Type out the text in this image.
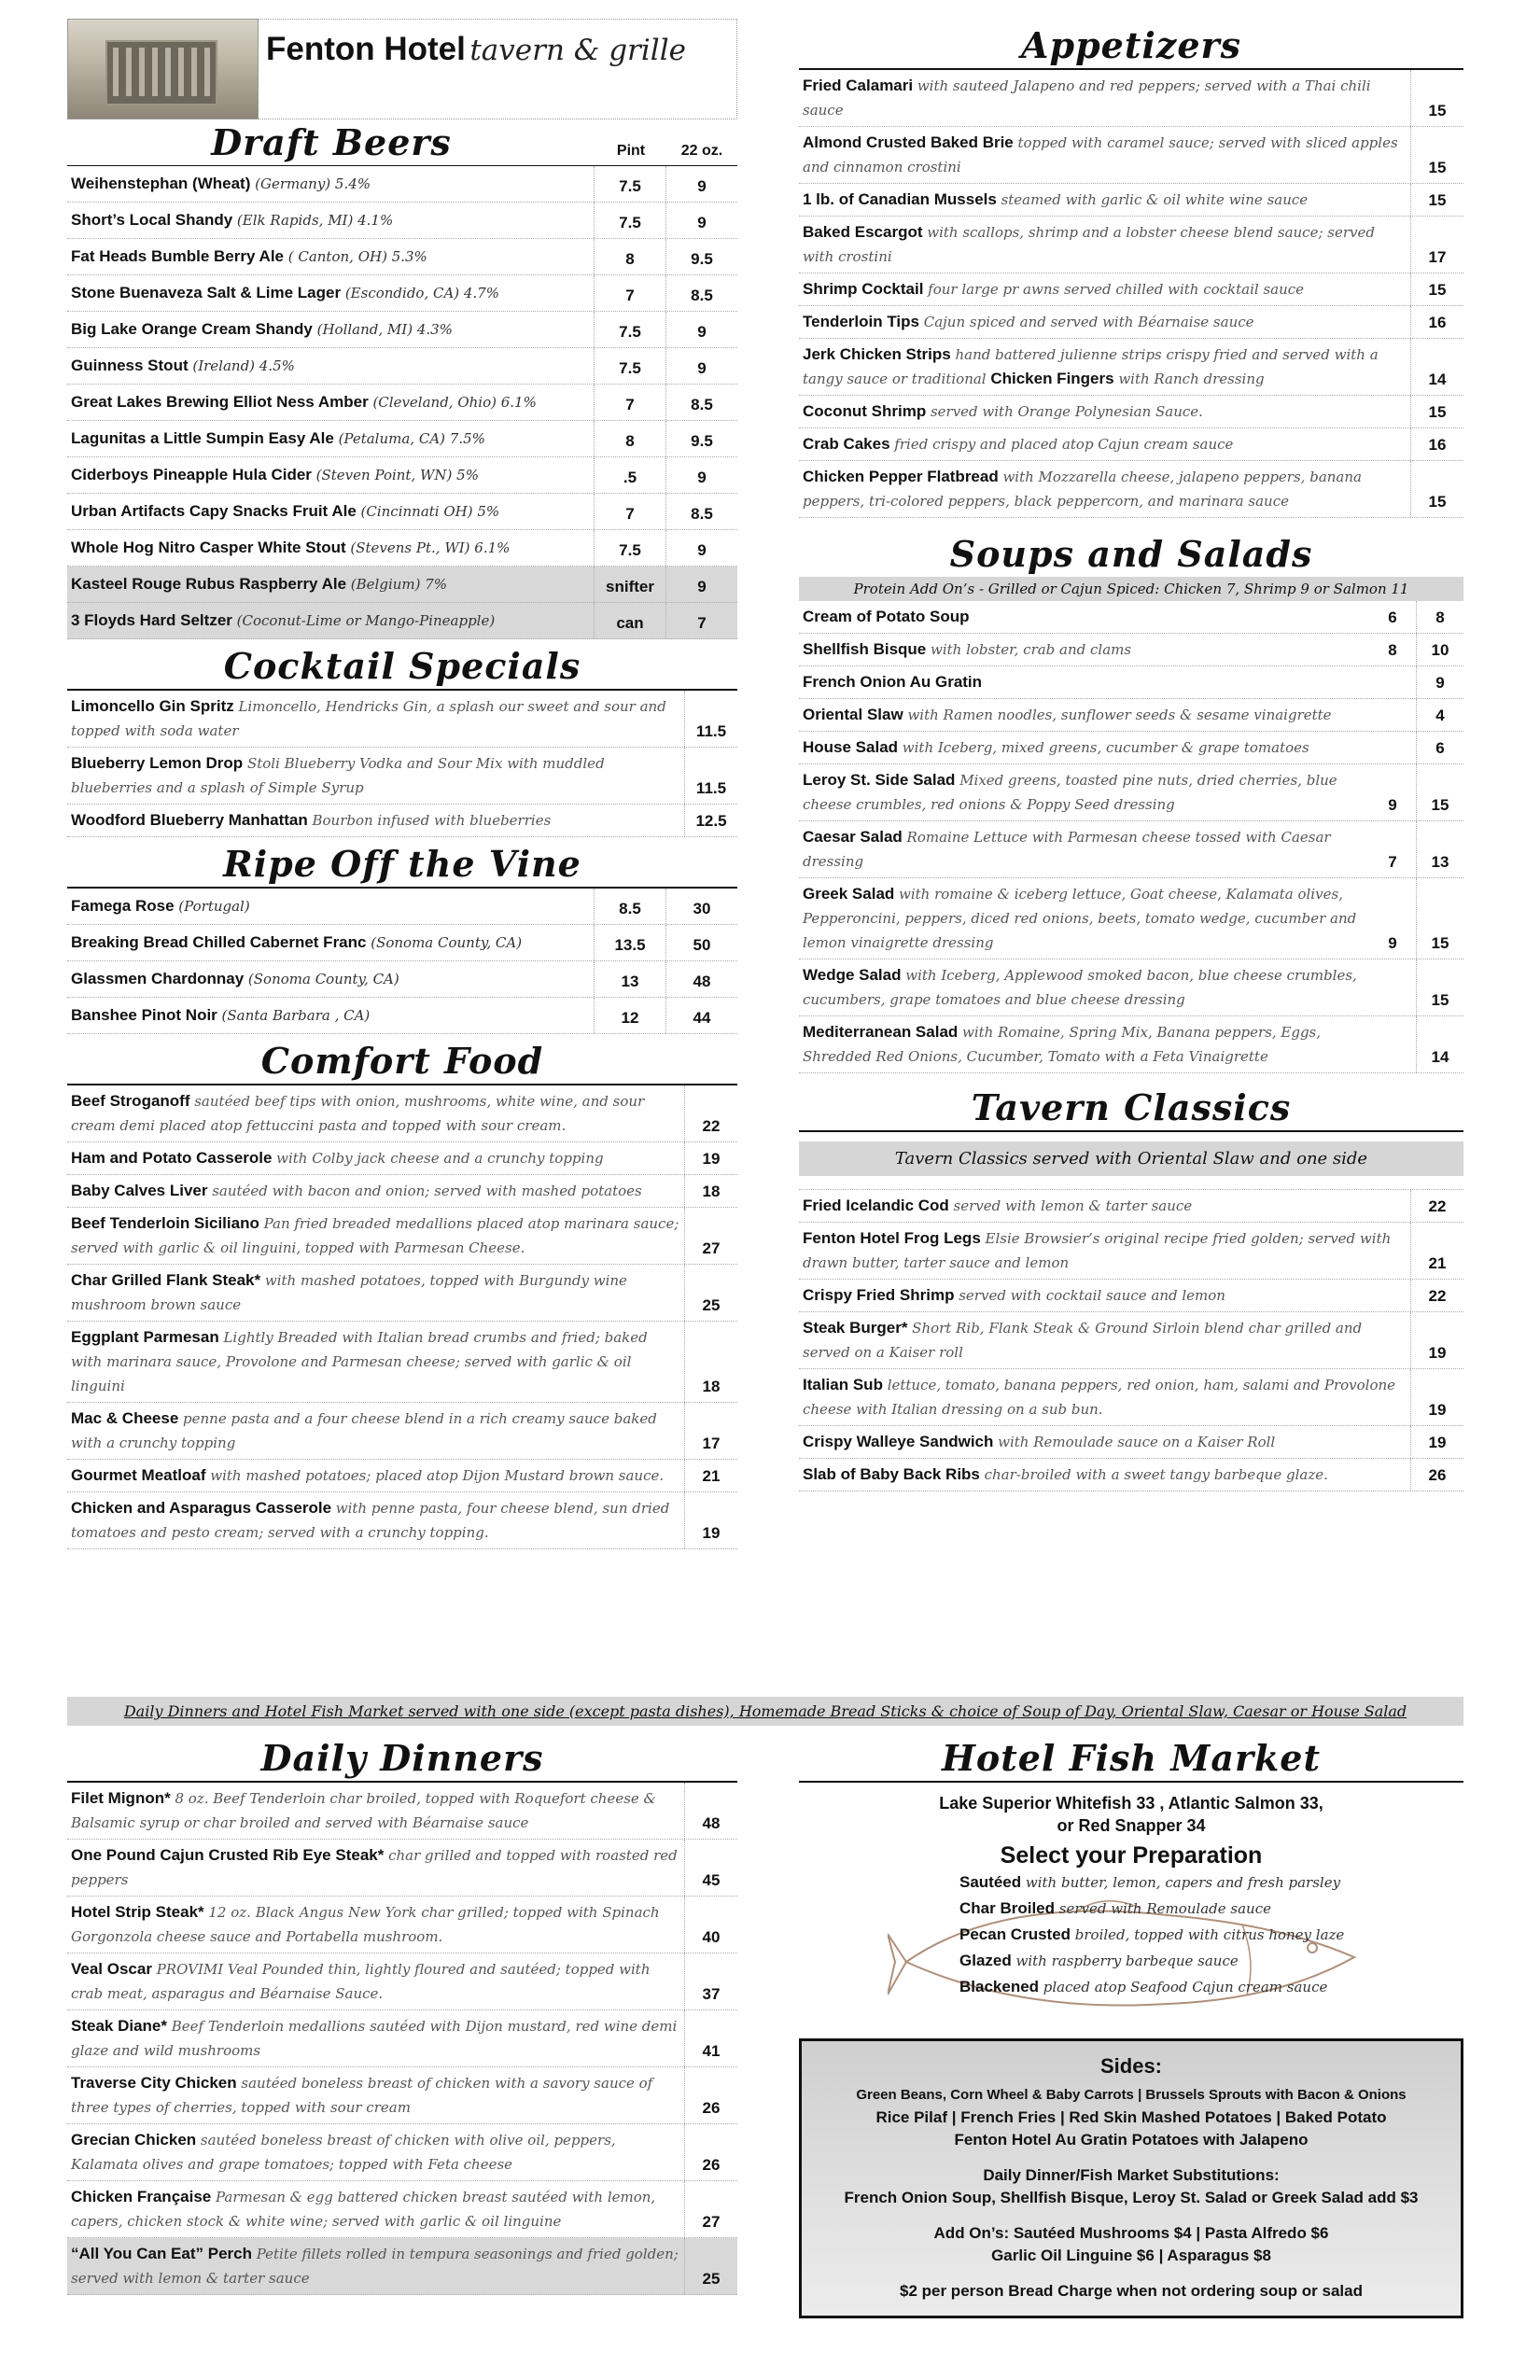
Fenton Hotel tavern & grille
Draft Beers	Pint	22 oz.
Weihenstephan (Wheat) (Germany) 5.4%	7.5	9
Short’s Local Shandy (Elk Rapids, MI) 4.1%	7.5	9
Fat Heads Bumble Berry Ale ( Canton, OH) 5.3%	8	9.5
Stone Buenaveza Salt & Lime Lager (Escondido, CA) 4.7%	7	8.5
Big Lake Orange Cream Shandy (Holland, MI) 4.3%	7.5	9
Guinness Stout (Ireland) 4.5%	7.5	9
Great Lakes Brewing Elliot Ness Amber (Cleveland, Ohio) 6.1%	7	8.5
Lagunitas a Little Sumpin Easy Ale (Petaluma, CA) 7.5%	8	9.5
Ciderboys Pineapple Hula Cider (Steven Point, WN) 5%	.5	9
Urban Artifacts Capy Snacks Fruit Ale (Cincinnati OH) 5%	7	8.5
Whole Hog Nitro Casper White Stout (Stevens Pt., WI) 6.1%	7.5	9
Kasteel Rouge Rubus Raspberry Ale (Belgium) 7%	snifter	9
3 Floyds Hard Seltzer (Coconut-Lime or Mango-Pineapple)	can	7
Cocktail Specials
Limoncello Gin Spritz Limoncello, Hendricks Gin, a splash our sweet and sour and topped with soda water	11.5
Blueberry Lemon Drop Stoli Blueberry Vodka and Sour Mix with muddled blueberries and a splash of Simple Syrup	11.5
Woodford Blueberry Manhattan Bourbon infused with blueberries	12.5
Ripe Off the Vine
Famega Rose (Portugal)	8.5	30
Breaking Bread Chilled Cabernet Franc (Sonoma County, CA)	13.5	50
Glassmen Chardonnay (Sonoma County, CA)	13	48
Banshee Pinot Noir (Santa Barbara , CA)	12	44
Comfort Food
Beef Stroganoff sautéed beef tips with onion, mushrooms, white wine, and sour cream demi placed atop fettuccini pasta and topped with sour cream.	22
Ham and Potato Casserole with Colby jack cheese and a crunchy topping	19
Baby Calves Liver sautéed with bacon and onion; served with mashed potatoes	18
Beef Tenderloin Siciliano Pan fried breaded medallions placed atop marinara sauce; served with garlic & oil linguini, topped with Parmesan Cheese.	27
Char Grilled Flank Steak* with mashed potatoes, topped with Burgundy wine mushroom brown sauce	25
Eggplant Parmesan Lightly Breaded with Italian bread crumbs and fried; baked with marinara sauce, Provolone and Parmesan cheese; served with garlic & oil linguini	18
Mac & Cheese penne pasta and a four cheese blend in a rich creamy sauce baked with a crunchy topping	17
Gourmet Meatloaf with mashed potatoes; placed atop Dijon Mustard brown sauce.	21
Chicken and Asparagus Casserole with penne pasta, four cheese blend, sun dried tomatoes and pesto cream; served with a crunchy topping.	19
Appetizers
Fried Calamari with sauteed Jalapeno and red peppers; served with a Thai chili sauce	15
Almond Crusted Baked Brie topped with caramel sauce; served with sliced apples and cinnamon crostini	15
1 lb. of Canadian Mussels steamed with garlic & oil white wine sauce	15
Baked Escargot with scallops, shrimp and a lobster cheese blend sauce; served with crostini	17
Shrimp Cocktail four large pr awns served chilled with cocktail sauce	15
Tenderloin Tips Cajun spiced and served with Béarnaise sauce	16
Jerk Chicken Strips hand battered julienne strips crispy fried and served with a tangy sauce or traditional Chicken Fingers with Ranch dressing	14
Coconut Shrimp served with Orange Polynesian Sauce.	15
Crab Cakes fried crispy and placed atop Cajun cream sauce	16
Chicken Pepper Flatbread with Mozzarella cheese, jalapeno peppers, banana peppers, tri-colored peppers, black peppercorn, and marinara sauce	15
Soups and Salads
Protein Add On’s - Grilled or Cajun Spiced: Chicken 7, Shrimp 9 or Salmon 11
Cream of Potato Soup	6	8
Shellfish Bisque with lobster, crab and clams	8	10
French Onion Au Gratin	9
Oriental Slaw with Ramen noodles, sunflower seeds & sesame vinaigrette	4
House Salad with Iceberg, mixed greens, cucumber & grape tomatoes	6
Leroy St. Side Salad Mixed greens, toasted pine nuts, dried cherries, blue cheese crumbles, red onions & Poppy Seed dressing	9	15
Caesar Salad Romaine Lettuce with Parmesan cheese tossed with Caesar dressing	7	13
Greek Salad with romaine & iceberg lettuce, Goat cheese, Kalamata olives, Pepperoncini, peppers, diced red onions, beets, tomato wedge, cucumber and lemon vinaigrette dressing	9	15
Wedge Salad with Iceberg, Applewood smoked bacon, blue cheese crumbles, cucumbers, grape tomatoes and blue cheese dressing	15
Mediterranean Salad with Romaine, Spring Mix, Banana peppers, Eggs, Shredded Red Onions, Cucumber, Tomato with a Feta Vinaigrette	14
Tavern Classics
Tavern Classics served with Oriental Slaw and one side
Fried Icelandic Cod served with lemon & tarter sauce	22
Fenton Hotel Frog Legs Elsie Browsier’s original recipe fried golden; served with drawn butter, tarter sauce and lemon	21
Crispy Fried Shrimp served with cocktail sauce and lemon	22
Steak Burger* Short Rib, Flank Steak & Ground Sirloin blend char grilled and served on a Kaiser roll	19
Italian Sub lettuce, tomato, banana peppers, red onion, ham, salami and Provolone cheese with Italian dressing on a sub bun.	19
Crispy Walleye Sandwich with Remoulade sauce on a Kaiser Roll	19
Slab of Baby Back Ribs char-broiled with a sweet tangy barbeque glaze.	26
Daily Dinners and Hotel Fish Market served with one side (except pasta dishes), Homemade Bread Sticks & choice of Soup of Day, Oriental Slaw, Caesar or House Salad
Daily Dinners
Filet Mignon* 8 oz. Beef Tenderloin char broiled, topped with Roquefort cheese & Balsamic syrup or char broiled and served with Béarnaise sauce	48
One Pound Cajun Crusted Rib Eye Steak* char grilled and topped with roasted red peppers	45
Hotel Strip Steak* 12 oz. Black Angus New York char grilled; topped with Spinach Gorgonzola cheese sauce and Portabella mushroom.	40
Veal Oscar PROVIMI Veal Pounded thin, lightly floured and sautéed; topped with crab meat, asparagus and Béarnaise Sauce.	37
Steak Diane* Beef Tenderloin medallions sautéed with Dijon mustard, red wine demi glaze and wild mushrooms	41
Traverse City Chicken sautéed boneless breast of chicken with a savory sauce of three types of cherries, topped with sour cream	26
Grecian Chicken sautéed boneless breast of chicken with olive oil, peppers, Kalamata olives and grape tomatoes; topped with Feta cheese	26
Chicken Française Parmesan & egg battered chicken breast sautéed with lemon, capers, chicken stock & white wine; served with garlic & oil linguine	27
“All You Can Eat” Perch Petite fillets rolled in tempura seasonings and fried golden; served with lemon & tarter sauce	25
Hotel Fish Market
Lake Superior Whitefish 33 , Atlantic Salmon 33,
or Red Snapper 34
Select your Preparation
Sautéed with butter, lemon, capers and fresh parsley
Char Broiled served with Remoulade sauce
Pecan Crusted broiled, topped with citrus honey laze
Glazed with raspberry barbeque sauce
Blackened placed atop Seafood Cajun cream sauce
Sides:
Green Beans, Corn Wheel & Baby Carrots | Brussels Sprouts with Bacon & Onions
Rice Pilaf | French Fries | Red Skin Mashed Potatoes | Baked Potato
Fenton Hotel Au Gratin Potatoes with Jalapeno
Daily Dinner/Fish Market Substitutions:
French Onion Soup, Shellfish Bisque, Leroy St. Salad or Greek Salad add $3
Add On’s: Sautéed Mushrooms $4 | Pasta Alfredo $6
Garlic Oil Linguine $6 | Asparagus $8
$2 per person Bread Charge when not ordering soup or salad
